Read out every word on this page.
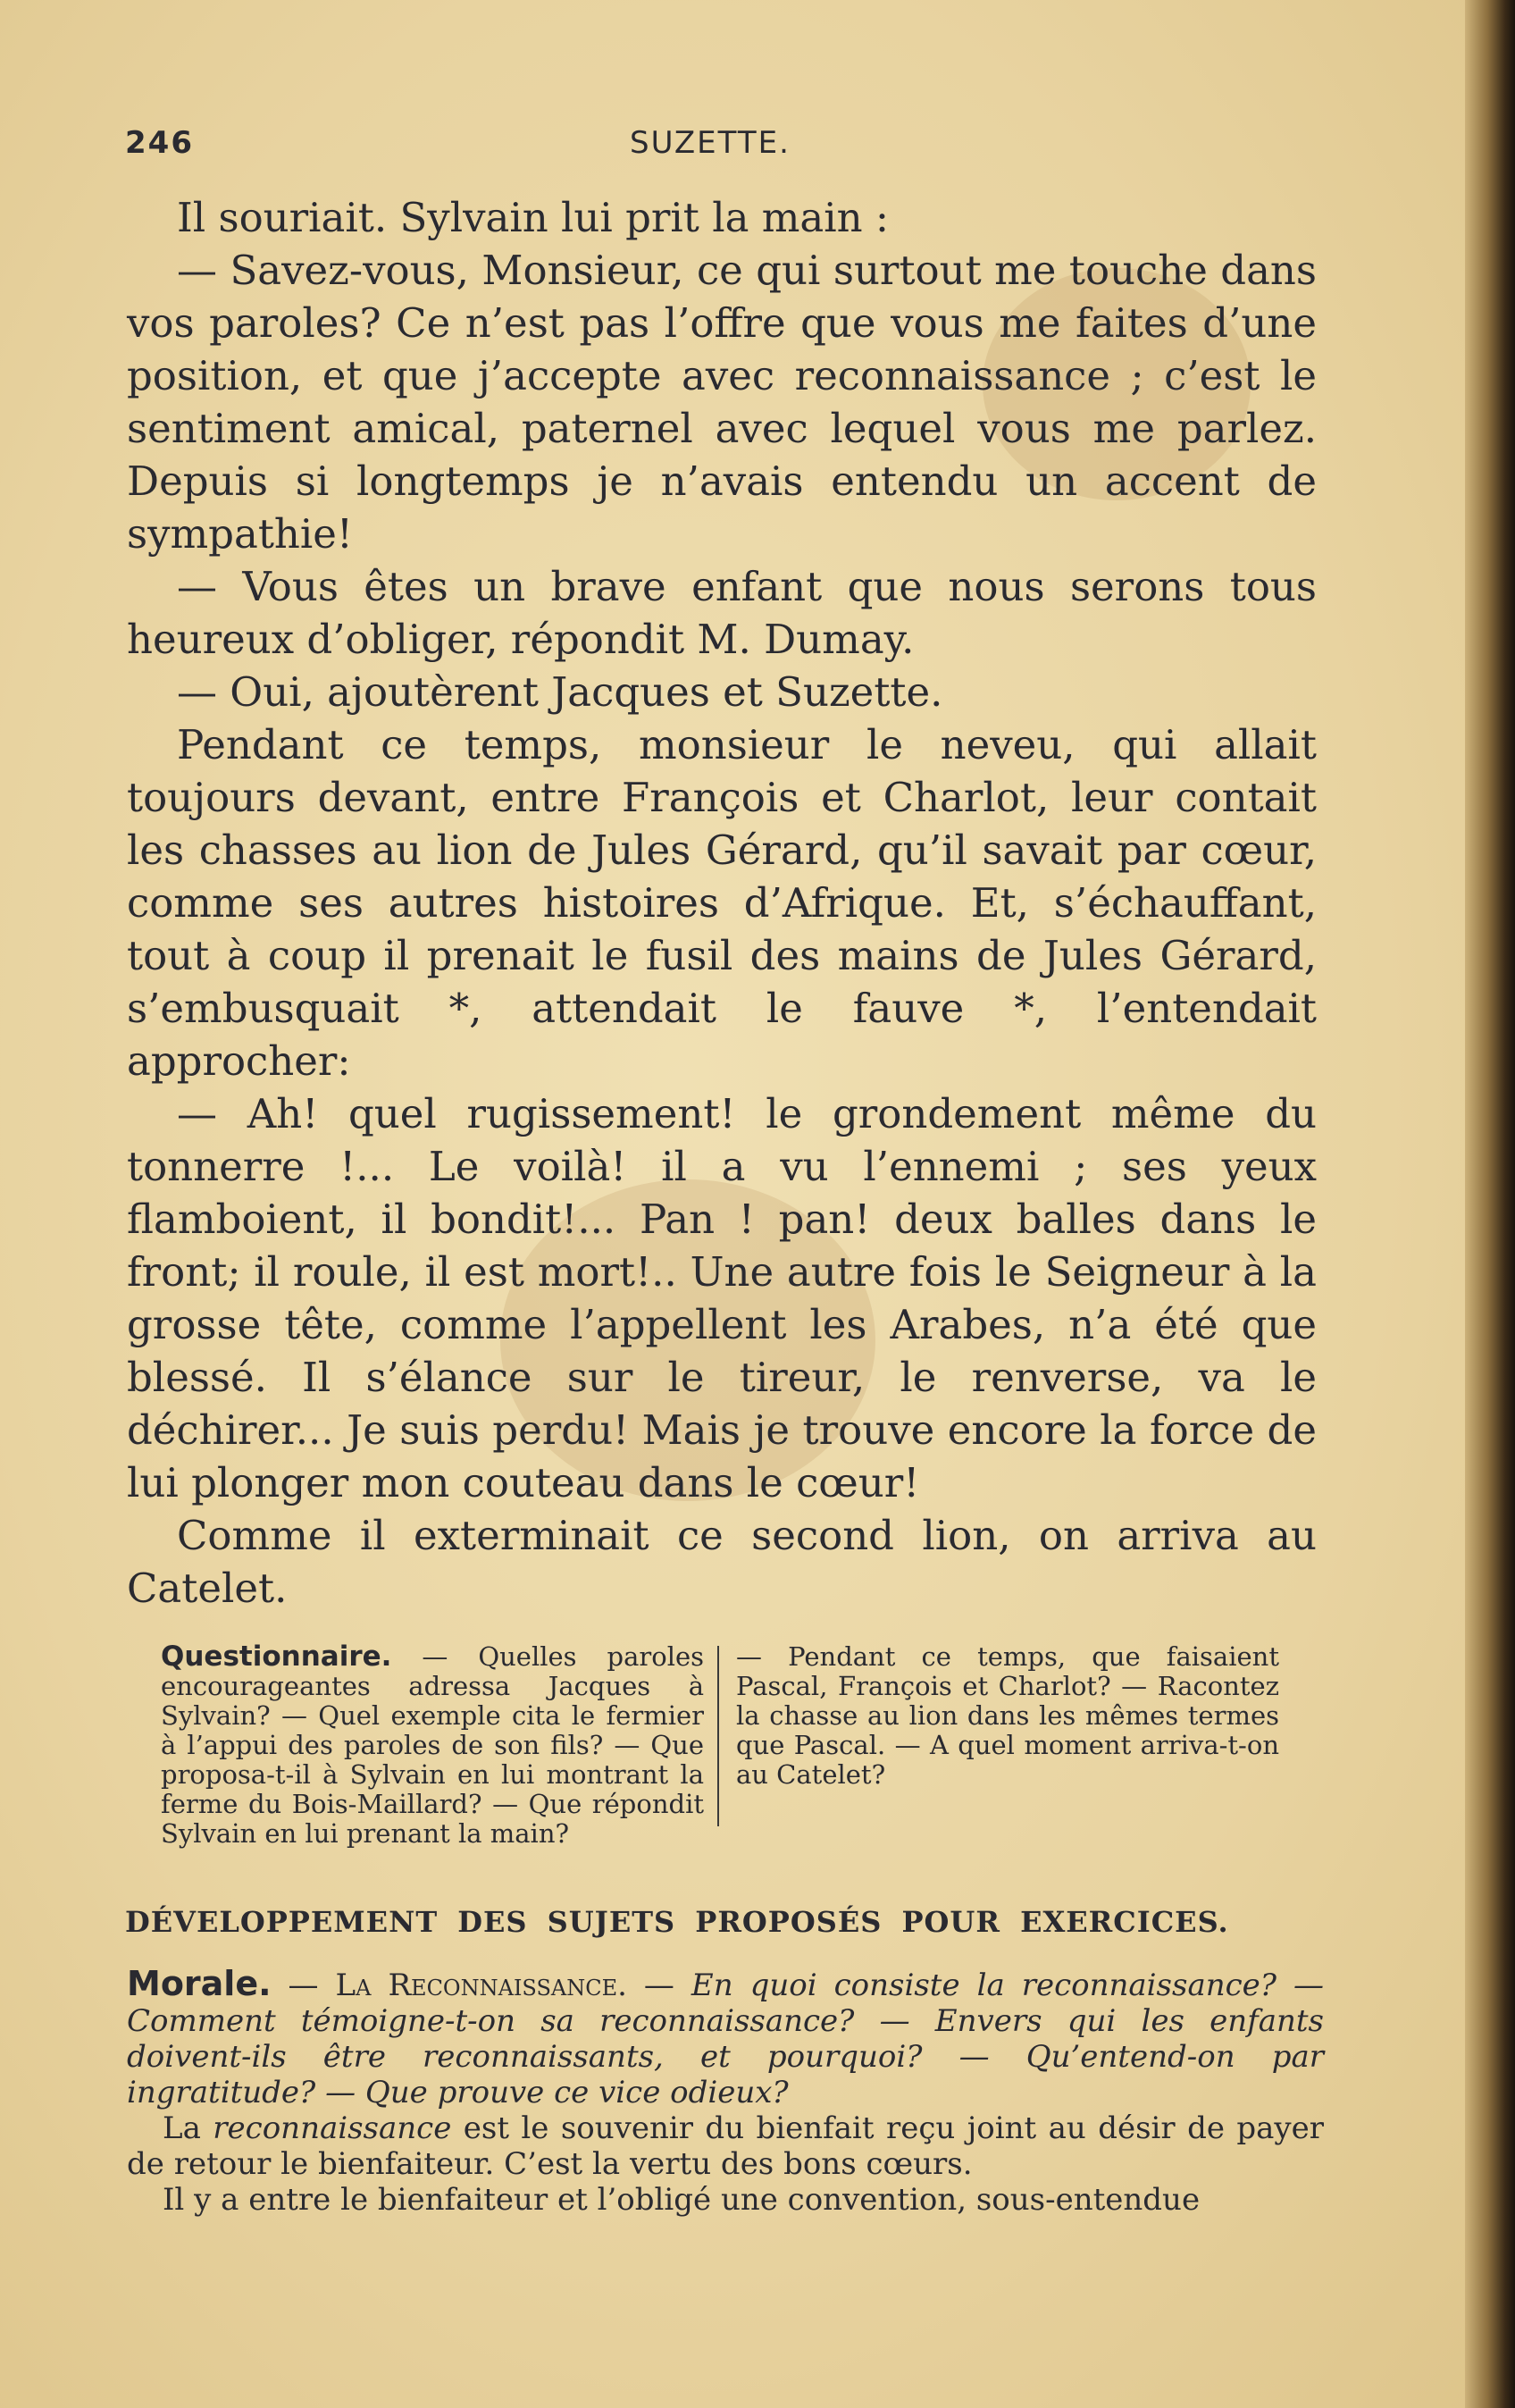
246	SUZETTE.

Il souriait. Sylvain lui prit la main :

— Savez-vous, Monsieur, ce qui surtout me touche dans vos paroles? Ce n’est pas l’offre que vous me faites d’une position, et que j’accepte avec reconnaissance ; c’est le sentiment amical, paternel avec lequel vous me parlez. Depuis si longtemps je n’avais entendu un accent de sympathie!

— Vous êtes un brave enfant que nous serons tous heureux d’obliger, répondit M. Dumay.

— Oui, ajoutèrent Jacques et Suzette.

Pendant ce temps, monsieur le neveu, qui allait toujours devant, entre François et Charlot, leur contait les chasses au lion de Jules Gérard, qu’il savait par cœur, comme ses autres histoires d’Afrique. Et, s’échauffant, tout à coup il prenait le fusil des mains de Jules Gérard, s’embusquait *, attendait le fauve *, l’entendait approcher:

— Ah! quel rugissement! le grondement même du tonnerre !... Le voilà! il a vu l’ennemi ; ses yeux flamboient, il bondit!... Pan ! pan! deux balles dans le front; il roule, il est mort!.. Une autre fois le Seigneur à la grosse tête, comme l’appellent les Arabes, n’a été que blessé. Il s’élance sur le tireur, le renverse, va le déchirer... Je suis perdu! Mais je trouve encore la force de lui plonger mon couteau dans le cœur!

Comme il exterminait ce second lion, on arriva au Catelet.

Questionnaire. — Quelles paroles encourageantes adressa Jacques à Sylvain? — Quel exemple cita le fermier à l’appui des paroles de son fils? — Que proposa-t-il à Sylvain en lui montrant la ferme du Bois-Maillard? — Que répondit Sylvain en lui prenant la main?
— Pendant ce temps, que faisaient Pascal, François et Charlot? — Racontez la chasse au lion dans les mêmes termes que Pascal. — A quel moment arriva-t-on au Catelet?
DÉVELOPPEMENT DES SUJETS PROPOSÉS POUR EXERCICES.

Morale. — La Reconnaissance. — En quoi consiste la reconnaissance? — Comment témoigne-t-on sa reconnaissance? — Envers qui les enfants doivent-ils être reconnaissants, et pourquoi? — Qu’entend-on par ingratitude? — Que prouve ce vice odieux?

La reconnaissance est le souvenir du bienfait reçu joint au désir de payer de retour le bienfaiteur. C’est la vertu des bons cœurs.

Il y a entre le bienfaiteur et l’obligé une convention, sous-entendue
